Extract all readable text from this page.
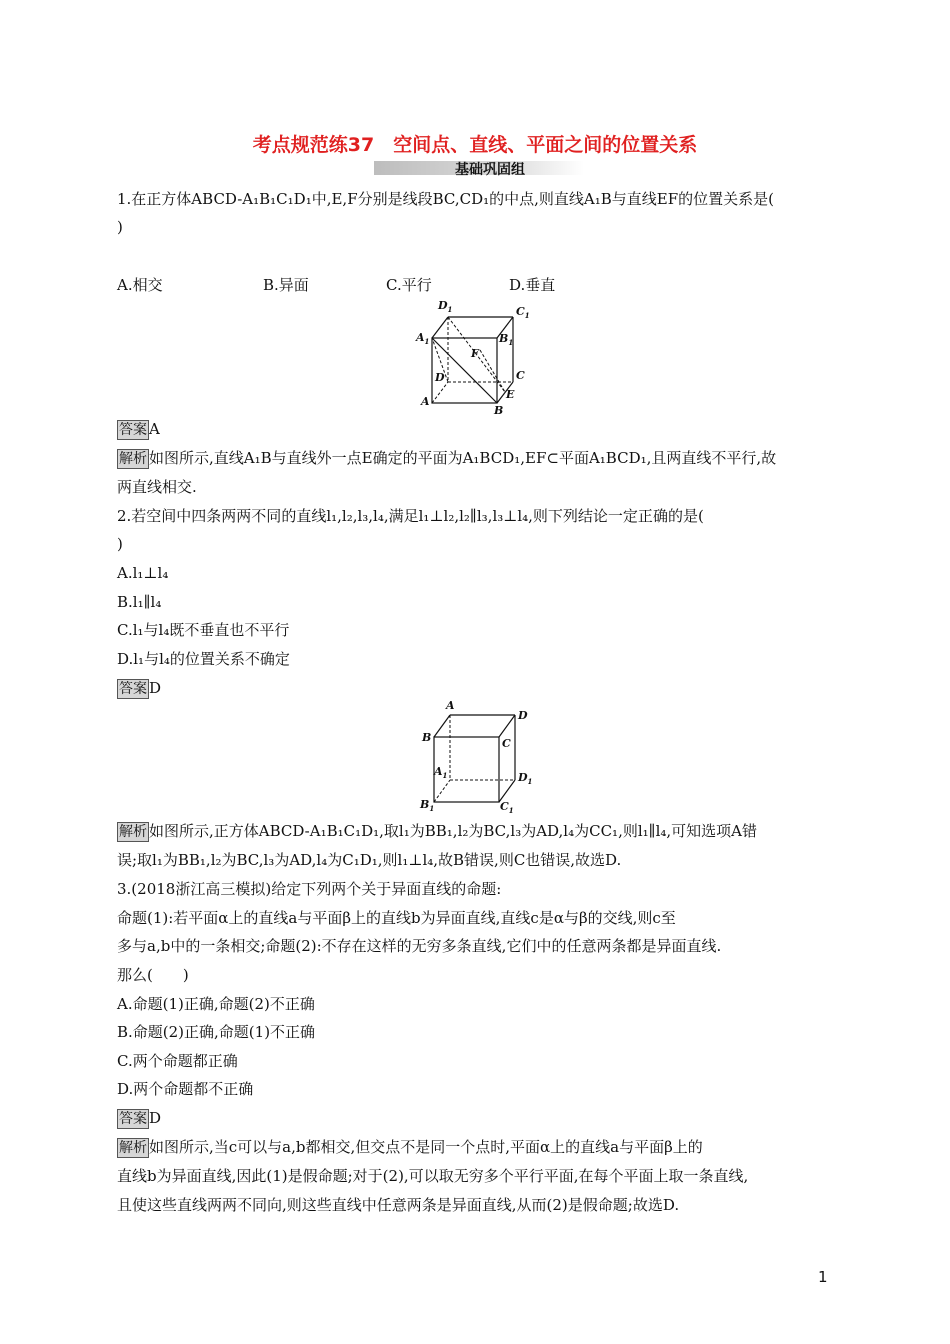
考点规范练37　空间点、直线、平面之间的位置关系
基础巩固组
1.在正方体ABCD-A₁B₁C₁D₁中,E,F分别是线段BC,CD₁的中点,则直线A₁B与直线EF的位置关系是(
)
A.相交	B.异面	C.平行	D.垂直
$D_1$	$C_1$
$A_1$	$B_1$
F
D	C
E
A
B
答案 A
解析 如图所示,直线A₁B与直线外一点E确定的平面为A₁BCD₁,EF⊂平面A₁BCD₁,且两直线不平行,故
两直线相交.
2.若空间中四条两两不同的直线l₁,l₂,l₃,l₄,满足l₁⊥l₂,l₂∥l₃,l₃⊥l₄,则下列结论一定正确的是(
)
A.l₁⊥l₄
B.l₁∥l₄
C.l₁与l₄既不垂直也不平行
D.l₁与l₄的位置关系不确定
答案 D
A
D
B	C
$A_1$	$D_1$
$B_1$	$C_1$
解析 如图所示,正方体ABCD-A₁B₁C₁D₁,取l₁为BB₁,l₂为BC,l₃为AD,l₄为CC₁,则l₁∥l₄,可知选项A错
误;取l₁为BB₁,l₂为BC,l₃为AD,l₄为C₁D₁,则l₁⊥l₄,故B错误,则C也错误,故选D.
3.(2018浙江高三模拟)给定下列两个关于异面直线的命题:
命题(1):若平面α上的直线a与平面β上的直线b为异面直线,直线c是α与β的交线,则c至
多与a,b中的一条相交;命题(2):不存在这样的无穷多条直线,它们中的任意两条都是异面直线.
那么(　　)
A.命题(1)正确,命题(2)不正确
B.命题(2)正确,命题(1)不正确
C.两个命题都正确
D.两个命题都不正确
答案 D
解析 如图所示,当c可以与a,b都相交,但交点不是同一个点时,平面α上的直线a与平面β上的
直线b为异面直线,因此(1)是假命题;对于(2),可以取无穷多个平行平面,在每个平面上取一条直线,
且使这些直线两两不同向,则这些直线中任意两条是异面直线,从而(2)是假命题;故选D.
1
